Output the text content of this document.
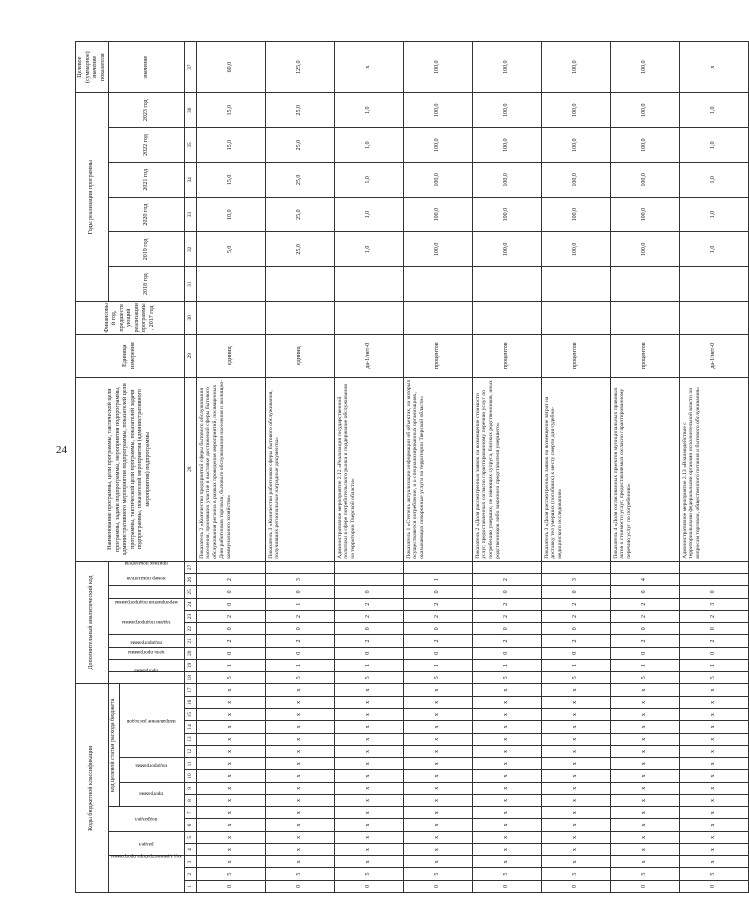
24
Коды бюджетной классификации																	Дополнительный аналитический код										Наименование программы, цели программы, тактической цели программы, задачи подпрограммы, мероприятия подпрограммы, административного мероприятия подпрограммы, показателей цели программы, тактической цели программы, показателей задачи подпрограммы, показателей мероприятия (административного мероприятия) подпрограммы	Единица измерения	Финансовый год, предшествующий реализации программы, 2017 год	Годы реализации программы						Целевое (суммарное) значение показателя
код администратора программы			раздел		подраздел		код целевой статьи расхода бюджета										программа	цель программы	подпрограмма	задачи подпрограммы	мероприятия подпрограммы			номер показателя	признак показателя					2018 год	2019 год	2020 год	2021 год	2022 год	2023 год	значение
							программа		подпрограмма		направление расходов																									
1	2	3	4	5	6	7	8	9	10	11	12	13	14	15	16	17	18	19	20	21	22	23	24	25	26	27	28	29	30	31	32	33	34	35	36	37
0	5	х	х	х	х	х	х	х	х	х	х	х	х	х	х	х	5	1	0	2	0	2	0	0	2		Показатель 2 «Количество предприятий сферы бытового обслуживания населения, принявших участие в выставке достижений сферы бытового обслуживания региона в рамках проведения мероприятий, посвященных Дню работников торговли, бытового обслуживания населения и жилищно-коммунального хозяйства»	единиц			5,0	10,0	15,0	15,0	15,0	60,0
0	5	х	х	х	х	х	х	х	х	х	х	х	х	х	х	х	5	1	0	2	0	2	1	0	3		Показатель 3 «Количество работников сферы бытового обслуживания, получивших региональные наградные документы»	единиц			25,0	25,0	25,0	25,0	25,0	125,0
0	5	х	х	х	х	х	х	х	х	х	х	х	х	х	х	х	5	1	0	2	0	2	2	0			Административное мероприятие 2.12 «Реализация государственной политики в сфере потребительского рынка и поддержание обслуживания на территории Тверской области»	да-1/нет-0			1,0	1,0	1,0	1,0	1,0	х
0	5	х	х	х	х	х	х	х	х	х	х	х	х	х	х	х	5	1	0	2	0	2	2	0	1		Показатель 1 «Степень актуализации информации об объектах, на которых осуществляется потребление, и о специализированных организациях, оказывающих похоронные услуги на территории Тверской области»	процентов			100,0	100,0	100,0	100,0	100,0	100,0
0	5	х	х	х	х	х	х	х	х	х	х	х	х	х	х	х	5	1	0	2	0	2	2	0	2		Показатель 2 «Доля рассмотренных заявок на возмещение стоимости услуг, предоставленных согласно гарантированному перечню услуг по погребению умерших, не имеющих супруга, близких родственников, иных родственников либо законного представителя умершего»	процентов			100,0	100,0	100,0	100,0	100,0	100,0
0	5	х	х	х	х	х	х	х	х	х	х	х	х	х	х	х	5	1	0	2	0	2	2	0	3		Показатель 3 «Доля рассмотренных заявок на возмещение затрат на доставку тел умерших (погибших) к месту смерти для судебно-медицинского исследования»	процентов			100,0	100,0	100,0	100,0	100,0	100,0
0	5	х	х	х	х	х	х	х	х	х	х	х	х	х	х	х	5	1	0	2	0	2	2	0	4		Показатель 4 «Доля согласованных проектов муниципальных правовых актов о стоимости услуг, предоставляемых согласно гарантированному перечню услуг по погребению»	процентов			100,0	100,0	100,0	100,0	100,0	100,0
0	5	х	х	х	х	х	х	х	х	х	х	х	х	х	х	х	5	1	0	2	0	2	3	0			Административное мероприятие 2.13 «Взаимодействие с территориальными федеральными органами исполнительной власти по вопросам торговли, общественного питания и бытового обслуживания»	да-1/нет-0			1,0	1,0	1,0	1,0	1,0	х
